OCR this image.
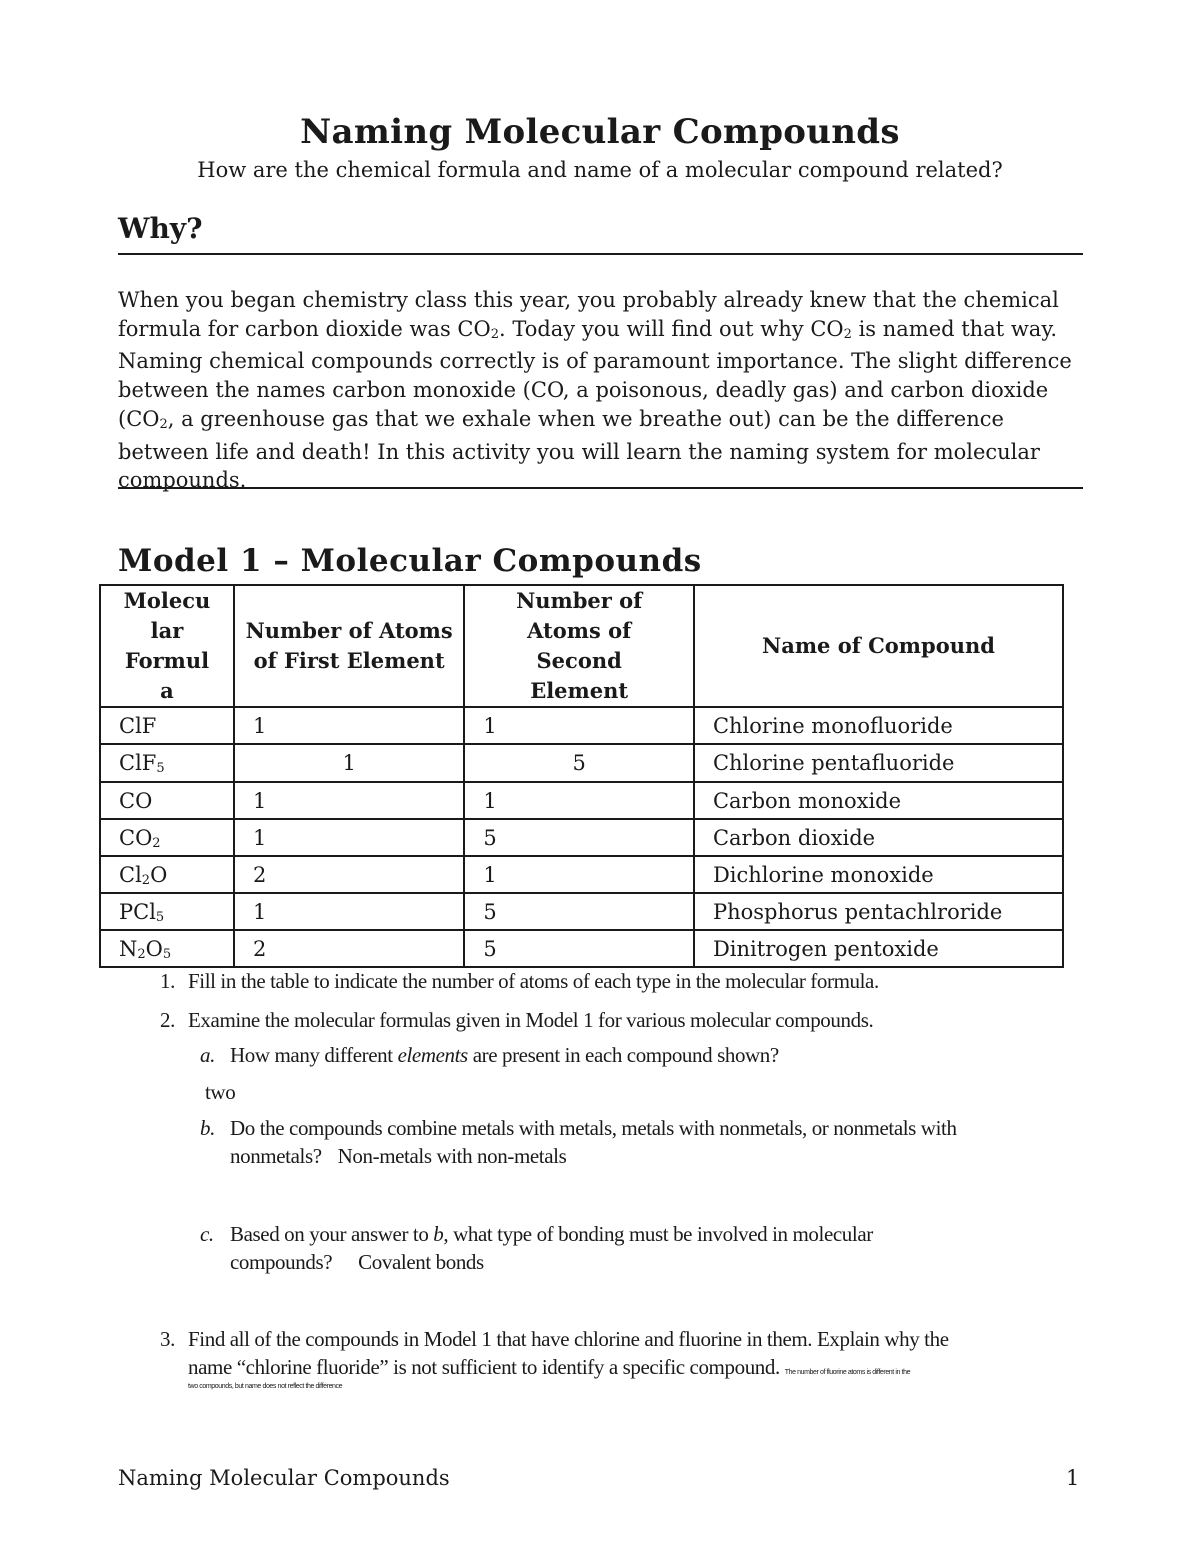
Naming Molecular Compounds
How are the chemical formula and name of a molecular compound related?
Why?

When you began chemistry class this year, you probably already knew that the chemical formula for carbon dioxide was $CO_2$. Today you will find out why $CO_2$ is named that way. Naming chemical compounds correctly is of paramount importance. The slight difference between the names carbon monoxide (CO, a poisonous, deadly gas) and carbon dioxide ($CO_2$, a greenhouse gas that we exhale when we breathe out) can be the difference between life and death! In this activity you will learn the naming system for molecular compounds.

Model 1 – Molecular Compounds
Molecu lar Formul a	Number of Atoms of First Element	Number of Atoms of Second Element	Name of Compound
ClF	1	1	Chlorine monofluoride
ClF$_5$	1	5	Chlorine pentafluoride
CO	1	1	Carbon monoxide
$CO_2$	1	5	Carbon dioxide
$Cl_2O$	2	1	Dichlorine monoxide
PCl$_5$	1	5	Phosphorus pentachlroride
$N_2O_5$	2	5	Dinitrogen pentoxide
1. Fill in the table to indicate the number of atoms of each type in the molecular formula.
2. Examine the molecular formulas given in Model 1 for various molecular compounds.
a. How many different elements are present in each compound shown?
two
b. Do the compounds combine metals with metals, metals with nonmetals, or nonmetals with
nonmetals? Non-metals with non-metals
c. Based on your answer to b, what type of bonding must be involved in molecular
compounds? Covalent bonds
3. Find all of the compounds in Model 1 that have chlorine and fluorine in them. Explain why the
name “chlorine fluoride” is not sufficient to identify a specific compound. The number of fluorine atoms is different in the
two compounds, but name does not reflect the difference
Naming Molecular Compounds	1
